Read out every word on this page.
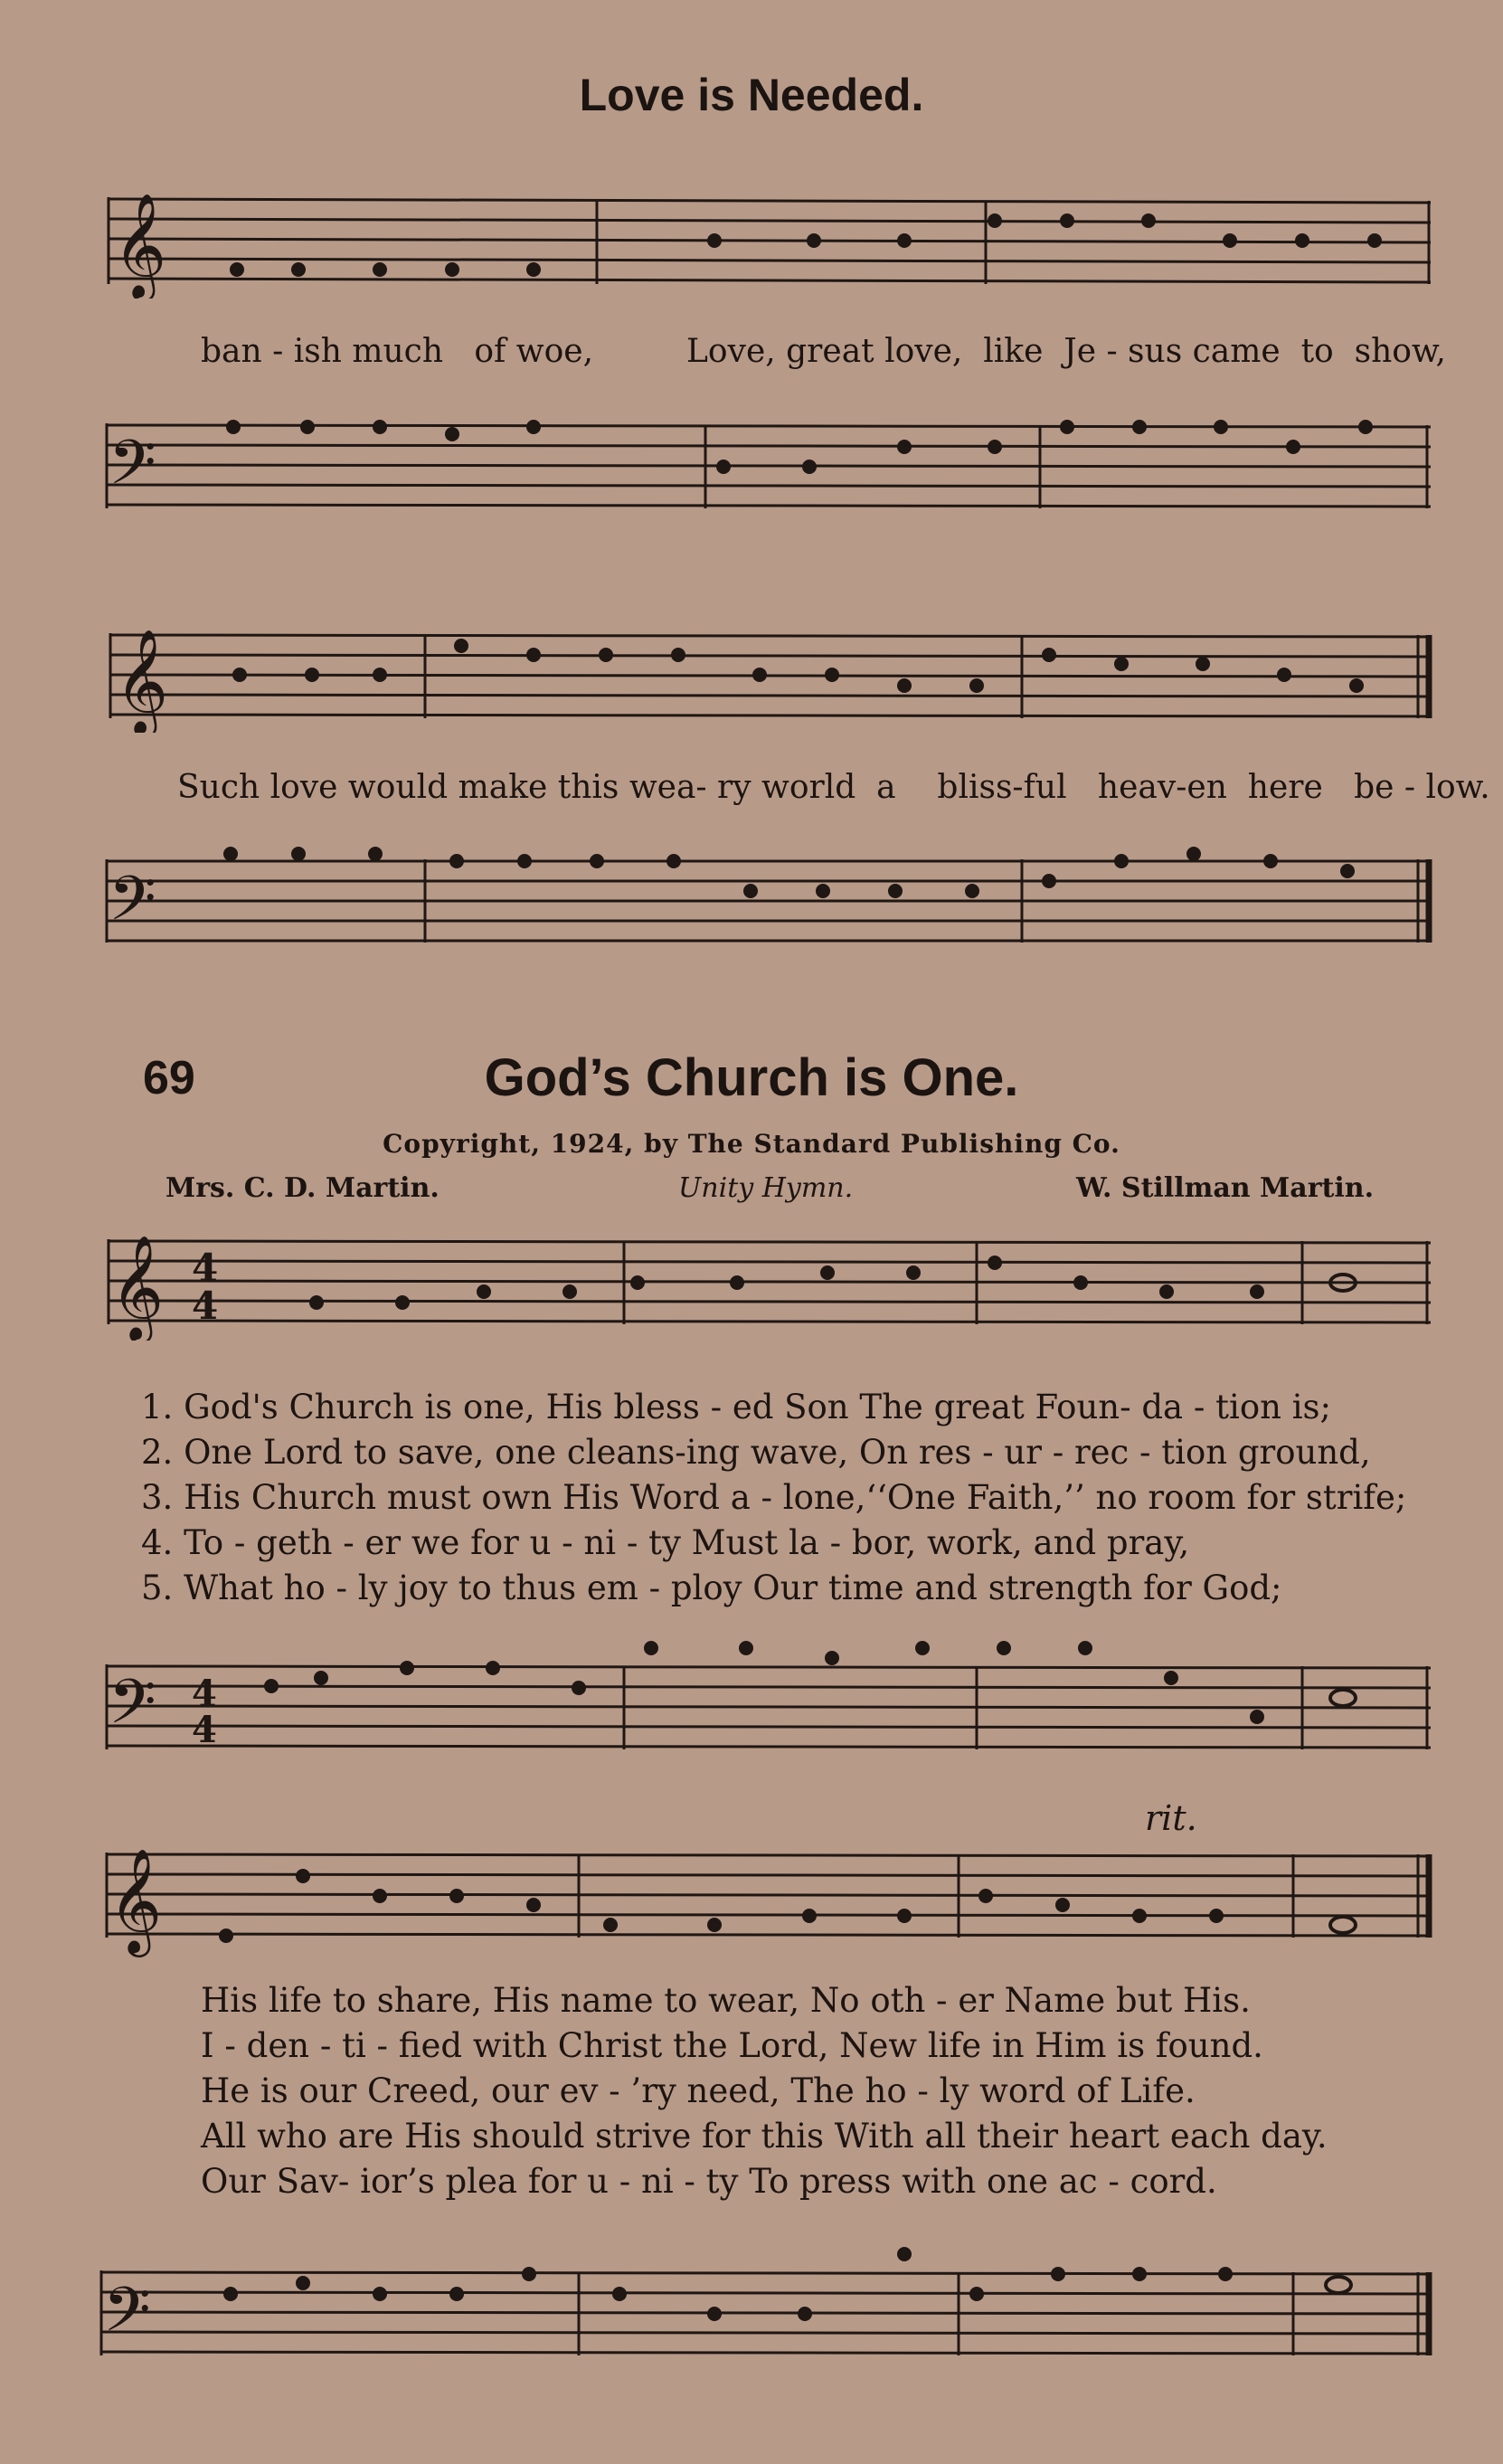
Love is Needed.
𝄞
ban - ish much   of woe,         Love, great love,  like  Je - sus came  to  show,
𝄢
𝄞
Such love would make this wea- ry world  a    bliss-ful   heav-en  here   be - low.
𝄢
69	God’s Church is One.
Copyright, 1924, by The Standard Publishing Co.
Mrs. C. D. Martin.	Unity Hymn.	W. Stillman Martin.
𝄞 4
4
1. God's Church is one, His bless - ed Son The great Foun- da - tion is;
2. One Lord to save, one cleans-ing wave, On res - ur - rec - tion ground,
3. His Church must own His Word a - lone,‘‘One Faith,’’ no room for strife;
4. To - geth - er we for u - ni - ty Must la - bor, work, and pray,
5. What ho - ly joy to thus em - ploy Our time and strength for God;
𝄢 4
4
rit.
𝄞
His life to share, His name to wear, No oth - er Name but His.
I - den - ti - fied with Christ the Lord, New life in Him is found.
He is our Creed, our ev - ’ry need, The ho - ly word of Life.
All who are His should strive for this With all their heart each day.
Our Sav- ior’s plea for u - ni - ty To press with one ac - cord.
𝄢
